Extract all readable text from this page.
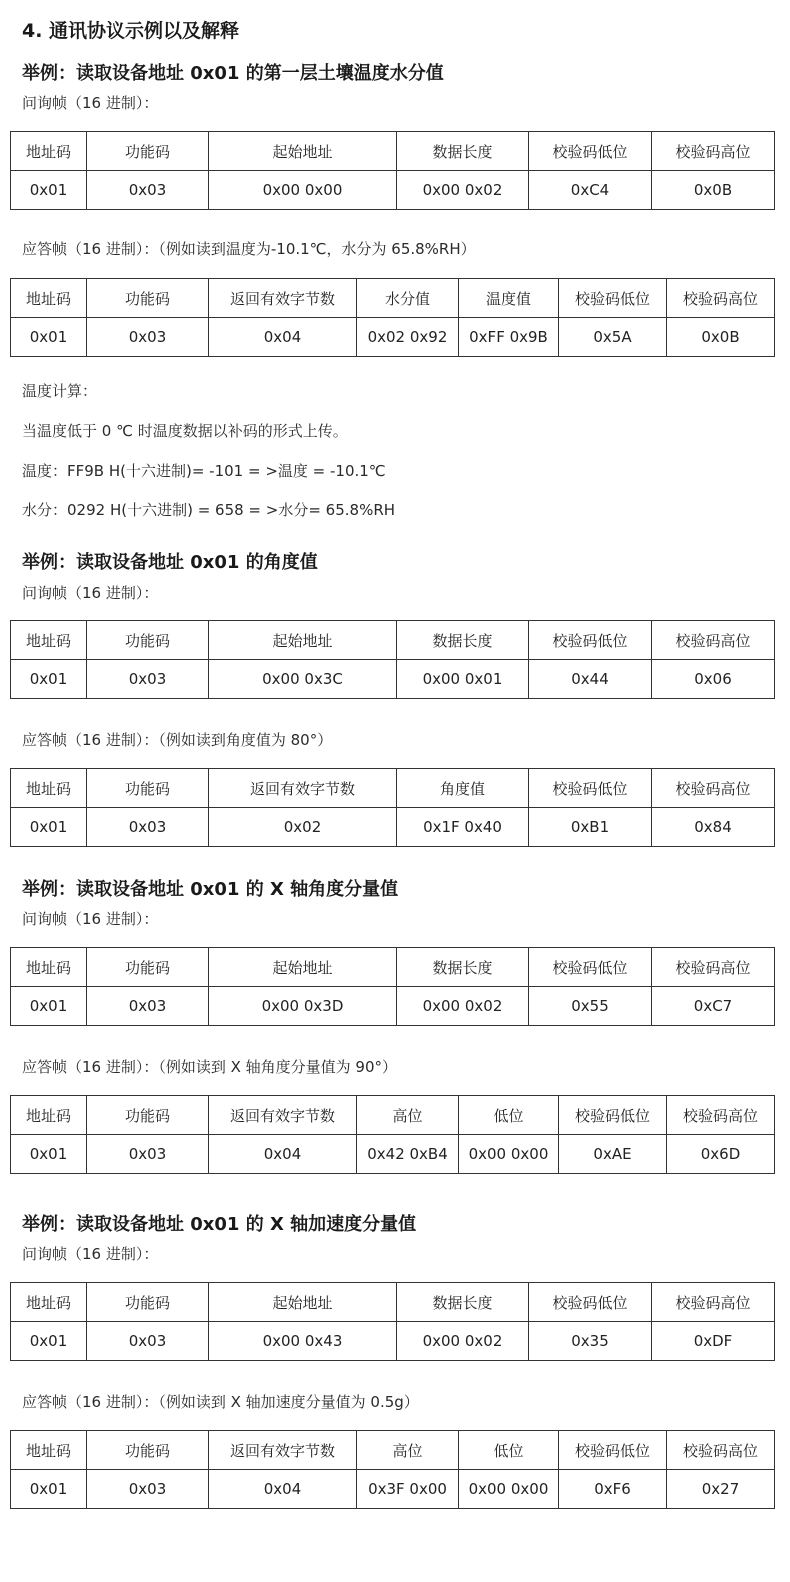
4. 通讯协议示例以及解释
举例：读取设备地址 0x01 的第一层土壤温度水分值
问询帧（16 进制）：
地址码	功能码	起始地址	数据长度	校验码低位	校验码高位
0x01	0x03	0x00 0x00	0x00 0x02	0xC4	0x0B
应答帧（16 进制）：（例如读到温度为-10.1℃，水分为 65.8%RH）
地址码	功能码	返回有效字节数	水分值	温度值	校验码低位	校验码高位
0x01	0x03	0x04	0x02 0x92	0xFF 0x9B	0x5A	0x0B
温度计算：
当温度低于 0 ℃ 时温度数据以补码的形式上传。
温度：FF9B H(十六进制)= -101 = >温度 = -10.1℃
水分：0292 H(十六进制) = 658 = >水分= 65.8%RH
举例：读取设备地址 0x01 的角度值
问询帧（16 进制）：
地址码	功能码	起始地址	数据长度	校验码低位	校验码高位
0x01	0x03	0x00 0x3C	0x00 0x01	0x44	0x06
应答帧（16 进制）：（例如读到角度值为 80°）
地址码	功能码	返回有效字节数	角度值	校验码低位	校验码高位
0x01	0x03	0x02	0x1F 0x40	0xB1	0x84
举例：读取设备地址 0x01 的 X 轴角度分量值
问询帧（16 进制）：
地址码	功能码	起始地址	数据长度	校验码低位	校验码高位
0x01	0x03	0x00 0x3D	0x00 0x02	0x55	0xC7
应答帧（16 进制）：（例如读到 X 轴角度分量值为 90°）
地址码	功能码	返回有效字节数	高位	低位	校验码低位	校验码高位
0x01	0x03	0x04	0x42 0xB4	0x00 0x00	0xAE	0x6D
举例：读取设备地址 0x01 的 X 轴加速度分量值
问询帧（16 进制）：
地址码	功能码	起始地址	数据长度	校验码低位	校验码高位
0x01	0x03	0x00 0x43	0x00 0x02	0x35	0xDF
应答帧（16 进制）：（例如读到 X 轴加速度分量值为 0.5g）
地址码	功能码	返回有效字节数	高位	低位	校验码低位	校验码高位
0x01	0x03	0x04	0x3F 0x00	0x00 0x00	0xF6	0x27
